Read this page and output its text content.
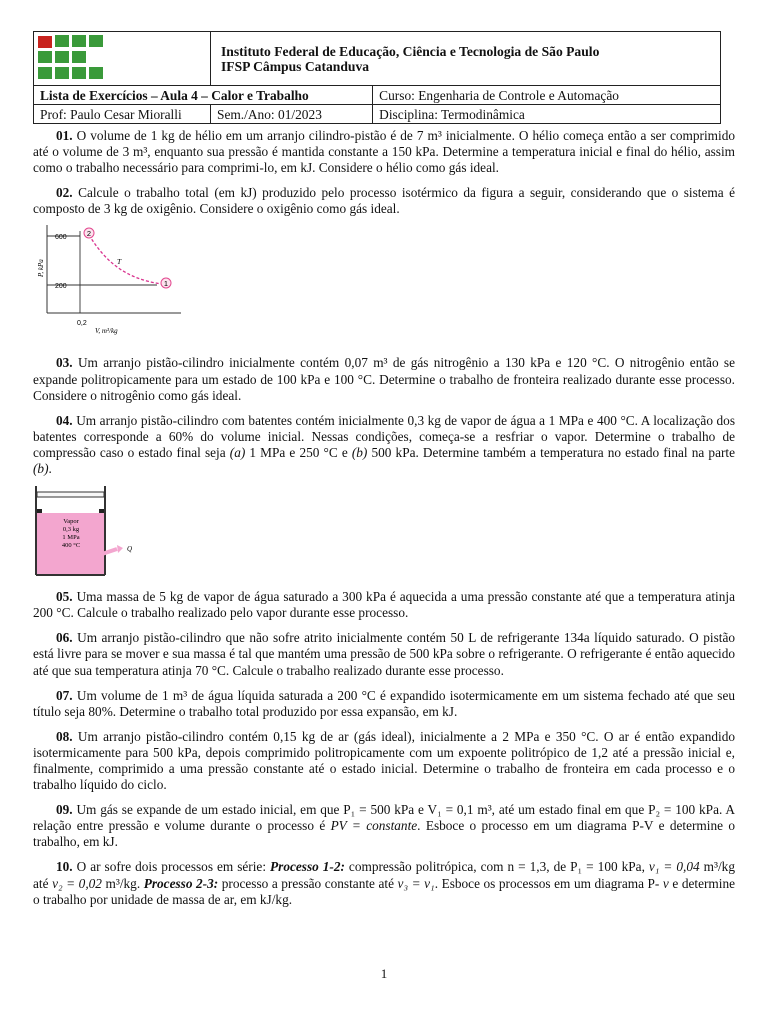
Instituto Federal de Educação, Ciência e Tecnologia de São Paulo
IFSP Câmpus Catanduva	

Lista de Exercícios – Aula 4 – Calor e Trabalho		Curso: Engenharia de Controle e Automação
Prof: Paulo Cesar Mioralli	Sem./Ano: 01/2023	Disciplina: Termodinâmica

01. O volume de 1 kg de hélio em um arranjo cilindro-pistão é de 7 m³ inicialmente. O hélio começa então a ser comprimido até o volume de 3 m³, enquanto sua pressão é mantida constante a 150 kPa. Determine a temperatura inicial e final do hélio, assim como o trabalho necessário para comprimi-lo, em kJ. Considere o hélio como gás ideal.

02. Calcule o trabalho total (em kJ) produzido pelo processo isotérmico da figura a seguir, considerando que o sistema é composto de 3 kg de oxigênio. Considere o oxigênio como gás ideal.

2
1
600
200
0,2
T
V, m³/kg
P, kPa

03. Um arranjo pistão-cilindro inicialmente contém 0,07 m³ de gás nitrogênio a 130 kPa e 120 °C. O nitrogênio então se expande politropicamente para um estado de 100 kPa e 100 °C. Determine o trabalho de fronteira realizado durante esse processo. Considere o nitrogênio como gás ideal.

04. Um arranjo pistão-cilindro com batentes contém inicialmente 0,3 kg de vapor de água a 1 MPa e 400 °C. A localização dos batentes corresponde a 60% do volume inicial. Nessas condições, começa-se a resfriar o vapor. Determine o trabalho de compressão caso o estado final seja (a) 1 MPa e 250 °C e (b) 500 kPa. Determine também a temperatura no estado final na parte (b).

Vapor
0,3 kg
1 MPa
400 °C	Q

05. Uma massa de 5 kg de vapor de água saturado a 300 kPa é aquecida a uma pressão constante até que a temperatura atinja 200 °C. Calcule o trabalho realizado pelo vapor durante esse processo.

06. Um arranjo pistão-cilindro que não sofre atrito inicialmente contém 50 L de refrigerante 134a líquido saturado. O pistão está livre para se mover e sua massa é tal que mantém uma pressão de 500 kPa sobre o refrigerante. O refrigerante é então aquecido até que sua temperatura atinja 70 °C. Calcule o trabalho realizado durante esse processo.

07. Um volume de 1 m³ de água líquida saturada a 200 °C é expandido isotermicamente em um sistema fechado até que seu título seja 80%. Determine o trabalho total produzido por essa expansão, em kJ.

08. Um arranjo pistão-cilindro contém 0,15 kg de ar (gás ideal), inicialmente a 2 MPa e 350 °C. O ar é então expandido isotermicamente para 500 kPa, depois comprimido politropicamente com um expoente politrópico de 1,2 até a pressão inicial e, finalmente, comprimido a uma pressão constante até o estado inicial. Determine o trabalho de fronteira em cada processo e o trabalho líquido do ciclo.

09. Um gás se expande de um estado inicial, em que P₁ = 500 kPa e V₁ = 0,1 m³, até um estado final em que P₂ = 100 kPa. A relação entre pressão e volume durante o processo é PV = constante. Esboce o processo em um diagrama P-V e determine o trabalho, em kJ.

10. O ar sofre dois processos em série: Processo 1-2: compressão politrópica, com n = 1,3, de P₁ = 100 kPa, v₁ = 0,04 m³/kg até v₂ = 0,02 m³/kg. Processo 2-3: processo a pressão constante até v₃ = v₁. Esboce os processos em um diagrama P- v e determine o trabalho por unidade de massa de ar, em kJ/kg.

1
